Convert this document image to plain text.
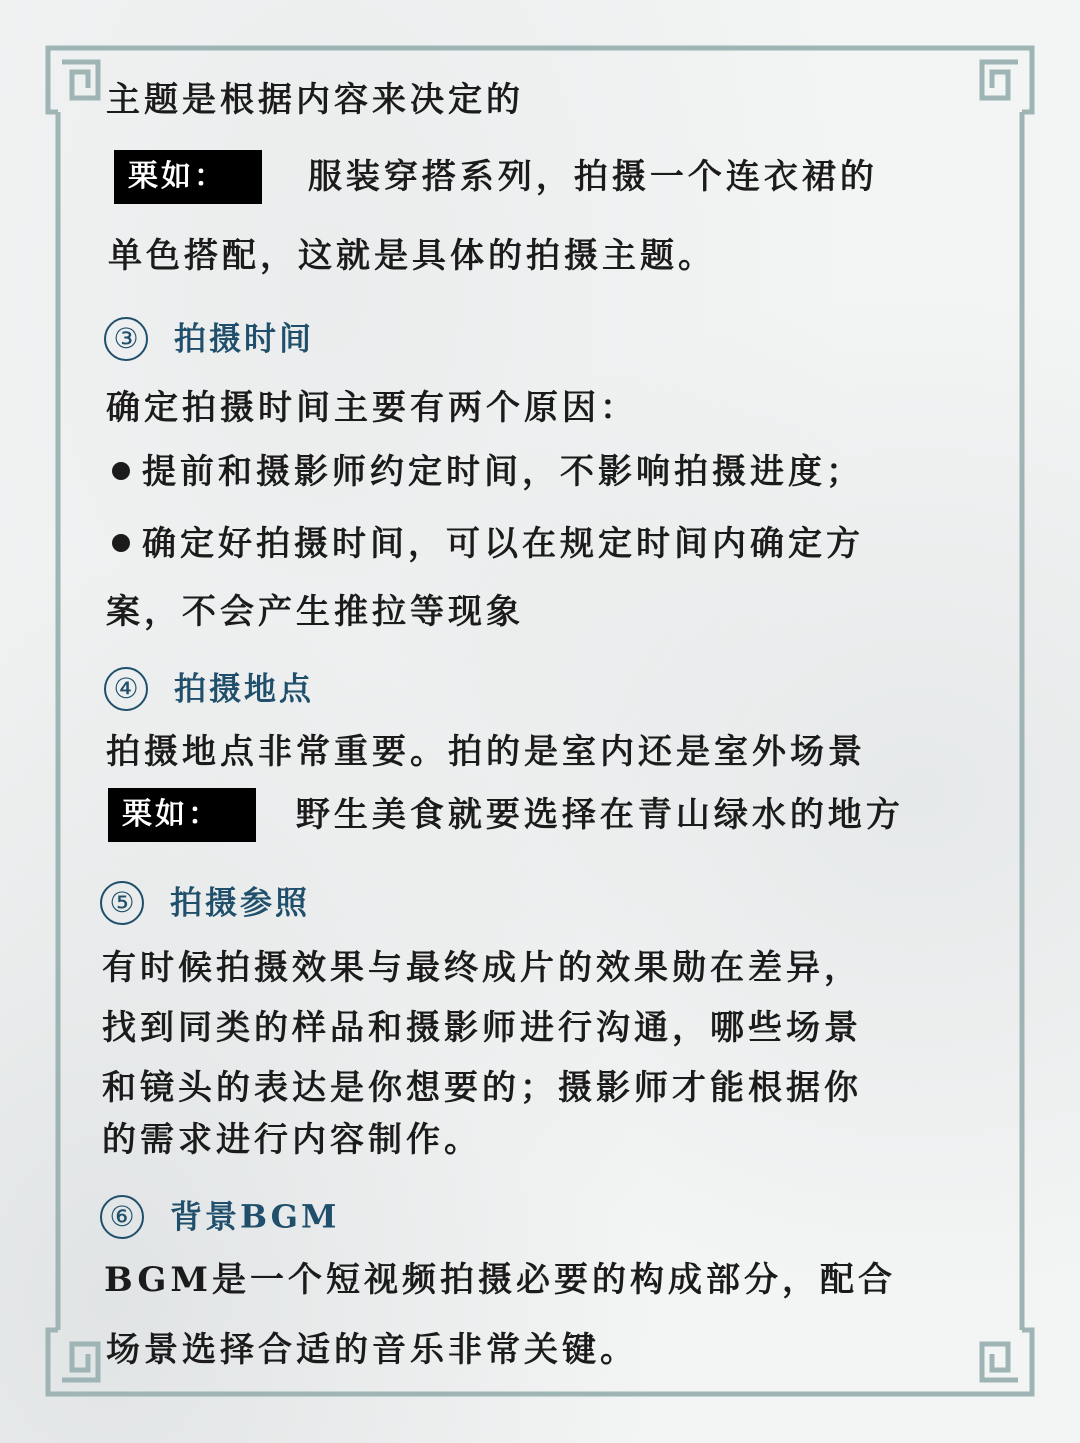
主题是根据内容来决定的
栗如： 服装穿搭系列，拍摄一个连衣裙的
单色搭配，这就是具体的拍摄主题。
③ 拍摄时间
确定拍摄时间主要有两个原因：
提前和摄影师约定时间，不影响拍摄进度；
确定好拍摄时间，可以在规定时间内确定方
案，不会产生推拉等现象
④ 拍摄地点
拍摄地点非常重要。拍的是室内还是室外场景
栗如： 野生美食就要选择在青山绿水的地方
⑤ 拍摄参照
有时候拍摄效果与最终成片的效果勋在差异，
找到同类的样品和摄影师进行沟通，哪些场景
和镜头的表达是你想要的；摄影师才能根据你
的需求进行内容制作。
⑥ 背景BGM
BGM是一个短视频拍摄必要的构成部分，配合
场景选择合适的音乐非常关键。
